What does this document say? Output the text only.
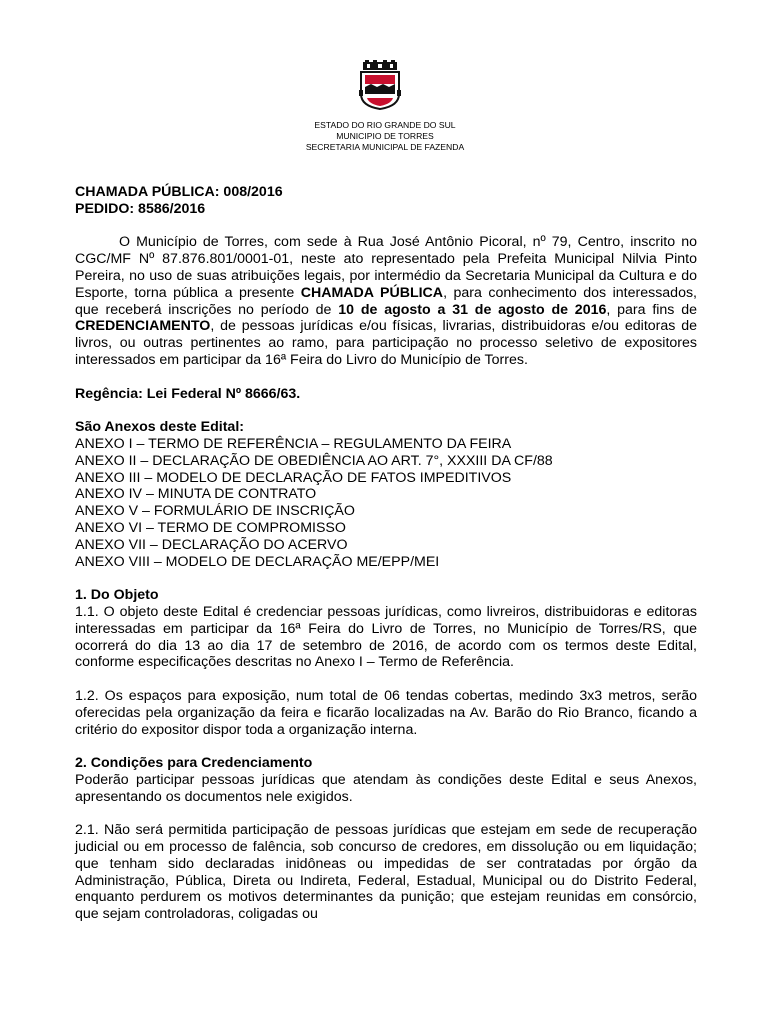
ESTADO DO RIO GRANDE DO SUL
MUNICIPIO DE TORRES
SECRETARIA MUNICIPAL DE FAZENDA

CHAMADA PÚBLICA: 008/2016

PEDIDO: 8586/2016

O Município de Torres, com sede à Rua José Antônio Picoral, nº 79, Centro, inscrito no CGC/MF Nº 87.876.801/0001-01, neste ato representado pela Prefeita Municipal Nilvia Pinto Pereira, no uso de suas atribuições legais, por intermédio da Secretaria Municipal da Cultura e do Esporte, torna pública a presente CHAMADA PÚBLICA, para conhecimento dos interessados, que receberá inscrições no período de 10 de agosto a 31 de agosto de 2016, para fins de CREDENCIAMENTO, de pessoas jurídicas e/ou físicas, livrarias, distribuidoras e/ou editoras de livros, ou outras pertinentes ao ramo, para participação no processo seletivo de expositores interessados em participar da 16ª Feira do Livro do Município de Torres.

Regência: Lei Federal Nº 8666/63.

São Anexos deste Edital:

ANEXO I – TERMO DE REFERÊNCIA – REGULAMENTO DA FEIRA
ANEXO II – DECLARAÇÃO DE OBEDIÊNCIA AO ART. 7°, XXXIII DA CF/88
ANEXO III – MODELO DE DECLARAÇÃO DE FATOS IMPEDITIVOS
ANEXO IV – MINUTA DE CONTRATO
ANEXO V – FORMULÁRIO DE INSCRIÇÃO
ANEXO VI – TERMO DE COMPROMISSO
ANEXO VII – DECLARAÇÃO DO ACERVO
ANEXO VIII – MODELO DE DECLARAÇÃO ME/EPP/MEI

1. Do Objeto

1.1. O objeto deste Edital é credenciar pessoas jurídicas, como livreiros, distribuidoras e editoras interessadas em participar da 16ª Feira do Livro de Torres, no Município de Torres/RS, que ocorrerá do dia 13 ao dia 17 de setembro de 2016, de acordo com os termos deste Edital, conforme especificações descritas no Anexo I – Termo de Referência.

1.2. Os espaços para exposição, num total de 06 tendas cobertas, medindo 3x3 metros, serão oferecidas pela organização da feira e ficarão localizadas na Av. Barão do Rio Branco, ficando a critério do expositor dispor toda a organização interna.

2. Condições para Credenciamento

Poderão participar pessoas jurídicas que atendam às condições deste Edital e seus Anexos, apresentando os documentos nele exigidos.

2.1. Não será permitida participação de pessoas jurídicas que estejam em sede de recuperação judicial ou em processo de falência, sob concurso de credores, em dissolução ou em liquidação; que tenham sido declaradas inidôneas ou impedidas de ser contratadas por órgão da Administração, Pública, Direta ou Indireta, Federal, Estadual, Municipal ou do Distrito Federal, enquanto perdurem os motivos determinantes da punição; que estejam reunidas em consórcio, que sejam controladoras, coligadas ou
